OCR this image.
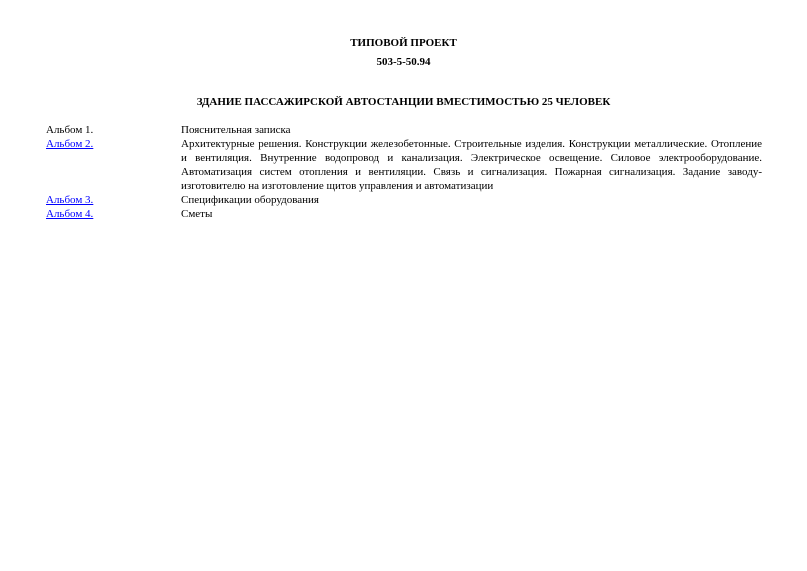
ТИПОВОЙ ПРОЕКТ
503-5-50.94
ЗДАНИЕ ПАССАЖИРСКОЙ АВТОСТАНЦИИ ВМЕСТИМОСТЬЮ 25 ЧЕЛОВЕК
Альбом 1.	Пояснительная записка
Альбом 2.	Архитектурные решения. Конструкции железобетонные. Строительные изделия. Конструкции металлические. Отопление и вентиляция. Внутренние водопровод и канализация. Электрическое освещение. Силовое электрооборудование. Автоматизация систем отопления и вентиляции. Связь и сигнализация. Пожарная сигнализация. Задание заводу-изготовителю на изготовление щитов управления и автоматизации
Альбом 3.	Спецификации оборудования
Альбом 4.	Сметы
